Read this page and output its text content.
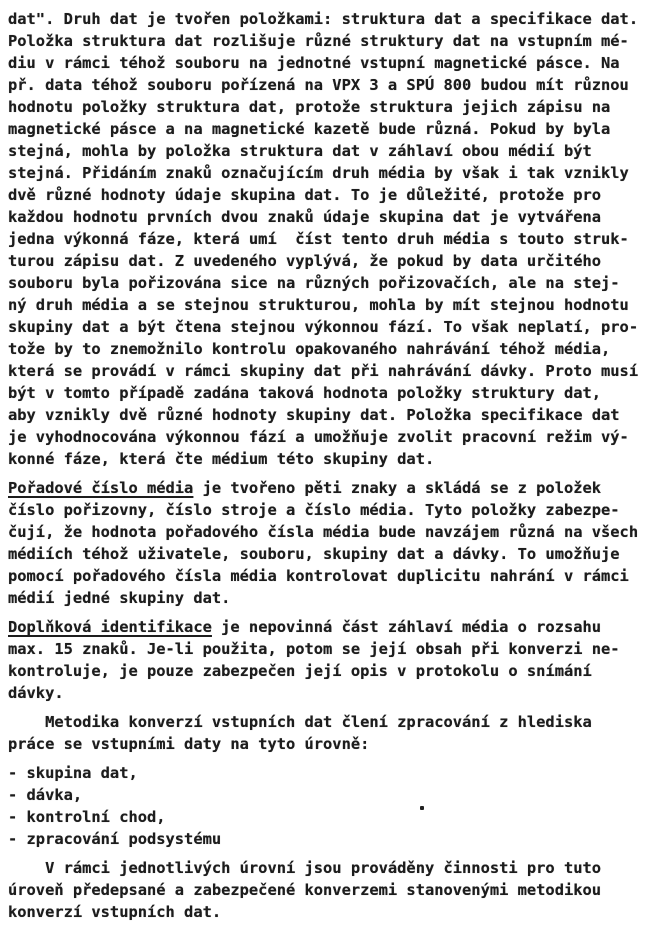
dat". Druh dat je tvořen položkami: struktura dat a specifikace dat.
Položka struktura dat rozlišuje různé struktury dat na vstupním mé-
diu v rámci téhož souboru na jednotné vstupní magnetické pásce. Na
př. data téhož souboru pořízená na VPX 3 a SPÚ 800 budou mít různou
hodnotu položky struktura dat, protože struktura jejich zápisu na
magnetické pásce a na magnetické kazetě bude různá. Pokud by byla
stejná, mohla by položka struktura dat v záhlaví obou médií být
stejná. Přidáním znaků označujícím druh média by však i tak vznikly
dvě různé hodnoty údaje skupina dat. To je důležité, protože pro
každou hodnotu prvních dvou znaků údaje skupina dat je vytvářena
jedna výkonná fáze, která umí  číst tento druh média s touto struk-
turou zápisu dat. Z uvedeného vyplývá, že pokud by data určitého
souboru byla pořizována sice na různých pořizovačích, ale na stej-
ný druh média a se stejnou strukturou, mohla by mít stejnou hodnotu
skupiny dat a být čtena stejnou výkonnou fází. To však neplatí, pro-
tože by to znemožnilo kontrolu opakovaného nahrávání téhož média,
která se provádí v rámci skupiny dat při nahrávání dávky. Proto musí
být v tomto případě zadána taková hodnota položky struktury dat,
aby vznikly dvě různé hodnoty skupiny dat. Položka specifikace dat
je vyhodnocována výkonnou fází a umožňuje zvolit pracovní režim vý-
konné fáze, která čte médium této skupiny dat.

Pořadové číslo média je tvořeno pěti znaky a skládá se z položek
číslo pořizovny, číslo stroje a číslo média. Tyto položky zabezpe-
čují, že hodnota pořadového čísla média bude navzájem různá na všech
médiích téhož uživatele, souboru, skupiny dat a dávky. To umožňuje
pomocí pořadového čísla média kontrolovat duplicitu nahrání v rámci
médií jedné skupiny dat.

Doplňková identifikace je nepovinná část záhlaví média o rozsahu
max. 15 znaků. Je-li použita, potom se její obsah při konverzi ne-
kontroluje, je pouze zabezpečen její opis v protokolu o snímání
dávky.

Metodika konverzí vstupních dat člení zpracování z hlediska
práce se vstupními daty na tyto úrovně:

- skupina dat,
- dávka,
- kontrolní chod,
- zpracování podsystému

V rámci jednotlivých úrovní jsou prováděny činnosti pro tuto
úroveň předepsané a zabezpečené konverzemi stanovenými metodikou
konverzí vstupních dat.
